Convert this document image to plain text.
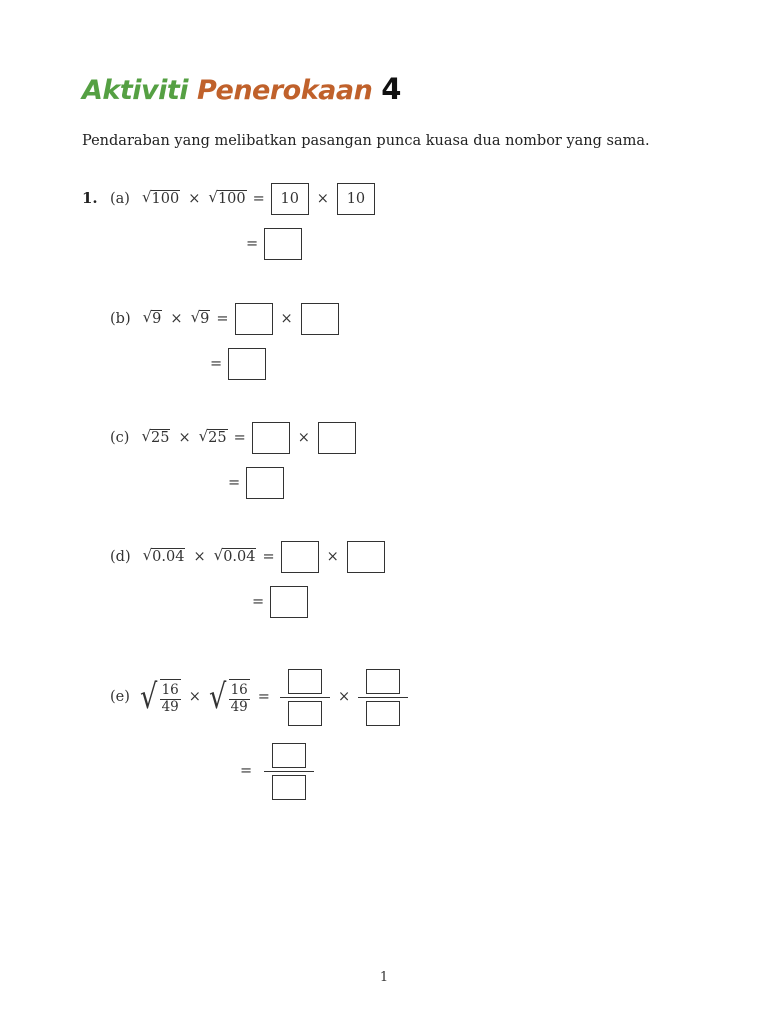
Aktiviti Penerokaan 4
Pendaraban yang melibatkan pasangan punca kuasa dua nombor yang sama.
1. (a) √ 100 × √ 100 =	10	×	10
=
(b) √ 9 × √ 9 =	×
=
(c) √ 25 × √ 25 =	×
=
(d) √ 0.04 × √ 0.04 =	×
=
(e) √ $\frac{16}{49}$ × √ $\frac{16}{49}$ =	×
=
1
